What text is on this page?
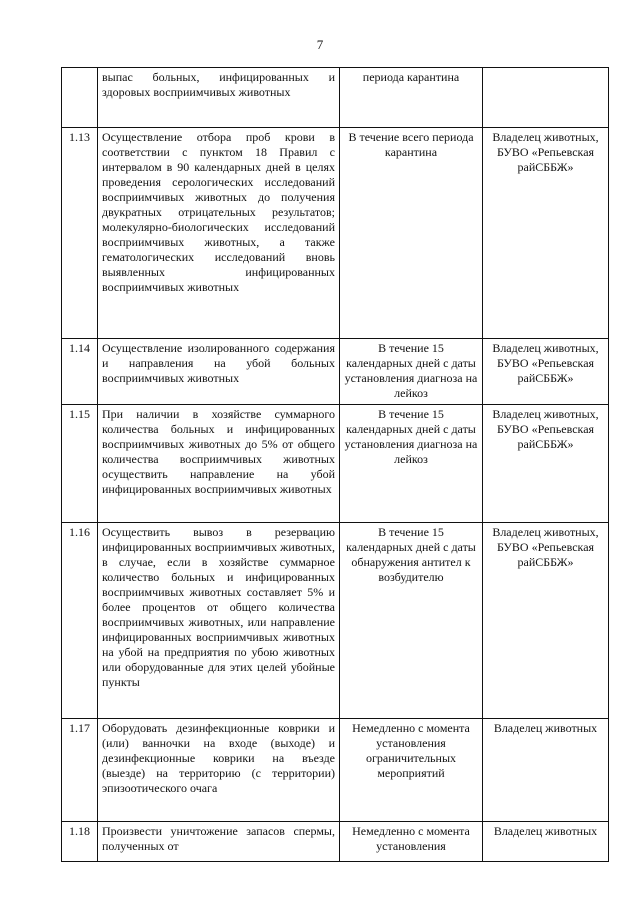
7
	выпас больных, инфицированных и здоровых восприимчивых животных	периода карантина	
1.13	Осуществление отбора проб крови в соответствии с пунктом 18 Правил с интервалом в 90 календарных дней в целях проведения серологических исследований восприимчивых животных до получения двукратных отрицательных результатов; молекулярно-биологических исследований восприимчивых животных, а также гематологических исследований вновь выявленных инфицированных восприимчивых животных	В течение всего периода карантина	Владелец животных, БУВО «Репьевская райСББЖ»
1.14	Осуществление изолированного содержания и направления на убой больных восприимчивых животных	В течение 15 календарных дней с даты установления диагноза на лейкоз	Владелец животных, БУВО «Репьевская райСББЖ»
1.15	При наличии в хозяйстве суммарного количества больных и инфицированных восприимчивых животных до 5% от общего количества восприимчивых животных осуществить направление на убой инфицированных восприимчивых животных	В течение 15 календарных дней с даты установления диагноза на лейкоз	Владелец животных, БУВО «Репьевская райСББЖ»
1.16	Осуществить вывоз в резервацию инфицированных восприимчивых животных, в случае, если в хозяйстве суммарное количество больных и инфицированных восприимчивых животных составляет 5% и более процентов от общего количества восприимчивых животных, или направление инфицированных восприимчивых животных на убой на предприятия по убою животных или оборудованные для этих целей убойные пункты	В течение 15 календарных дней с даты обнаружения антител к возбудителю	Владелец животных, БУВО «Репьевская райСББЖ»
1.17	Оборудовать дезинфекционные коврики и (или) ванночки на входе (выходе) и дезинфекционные коврики на въезде (выезде) на территорию (с территории) эпизоотического очага	Немедленно с момента установления ограничительных мероприятий	Владелец животных
1.18	Произвести уничтожение запасов спермы, полученных от	Немедленно с момента установления	Владелец животных
